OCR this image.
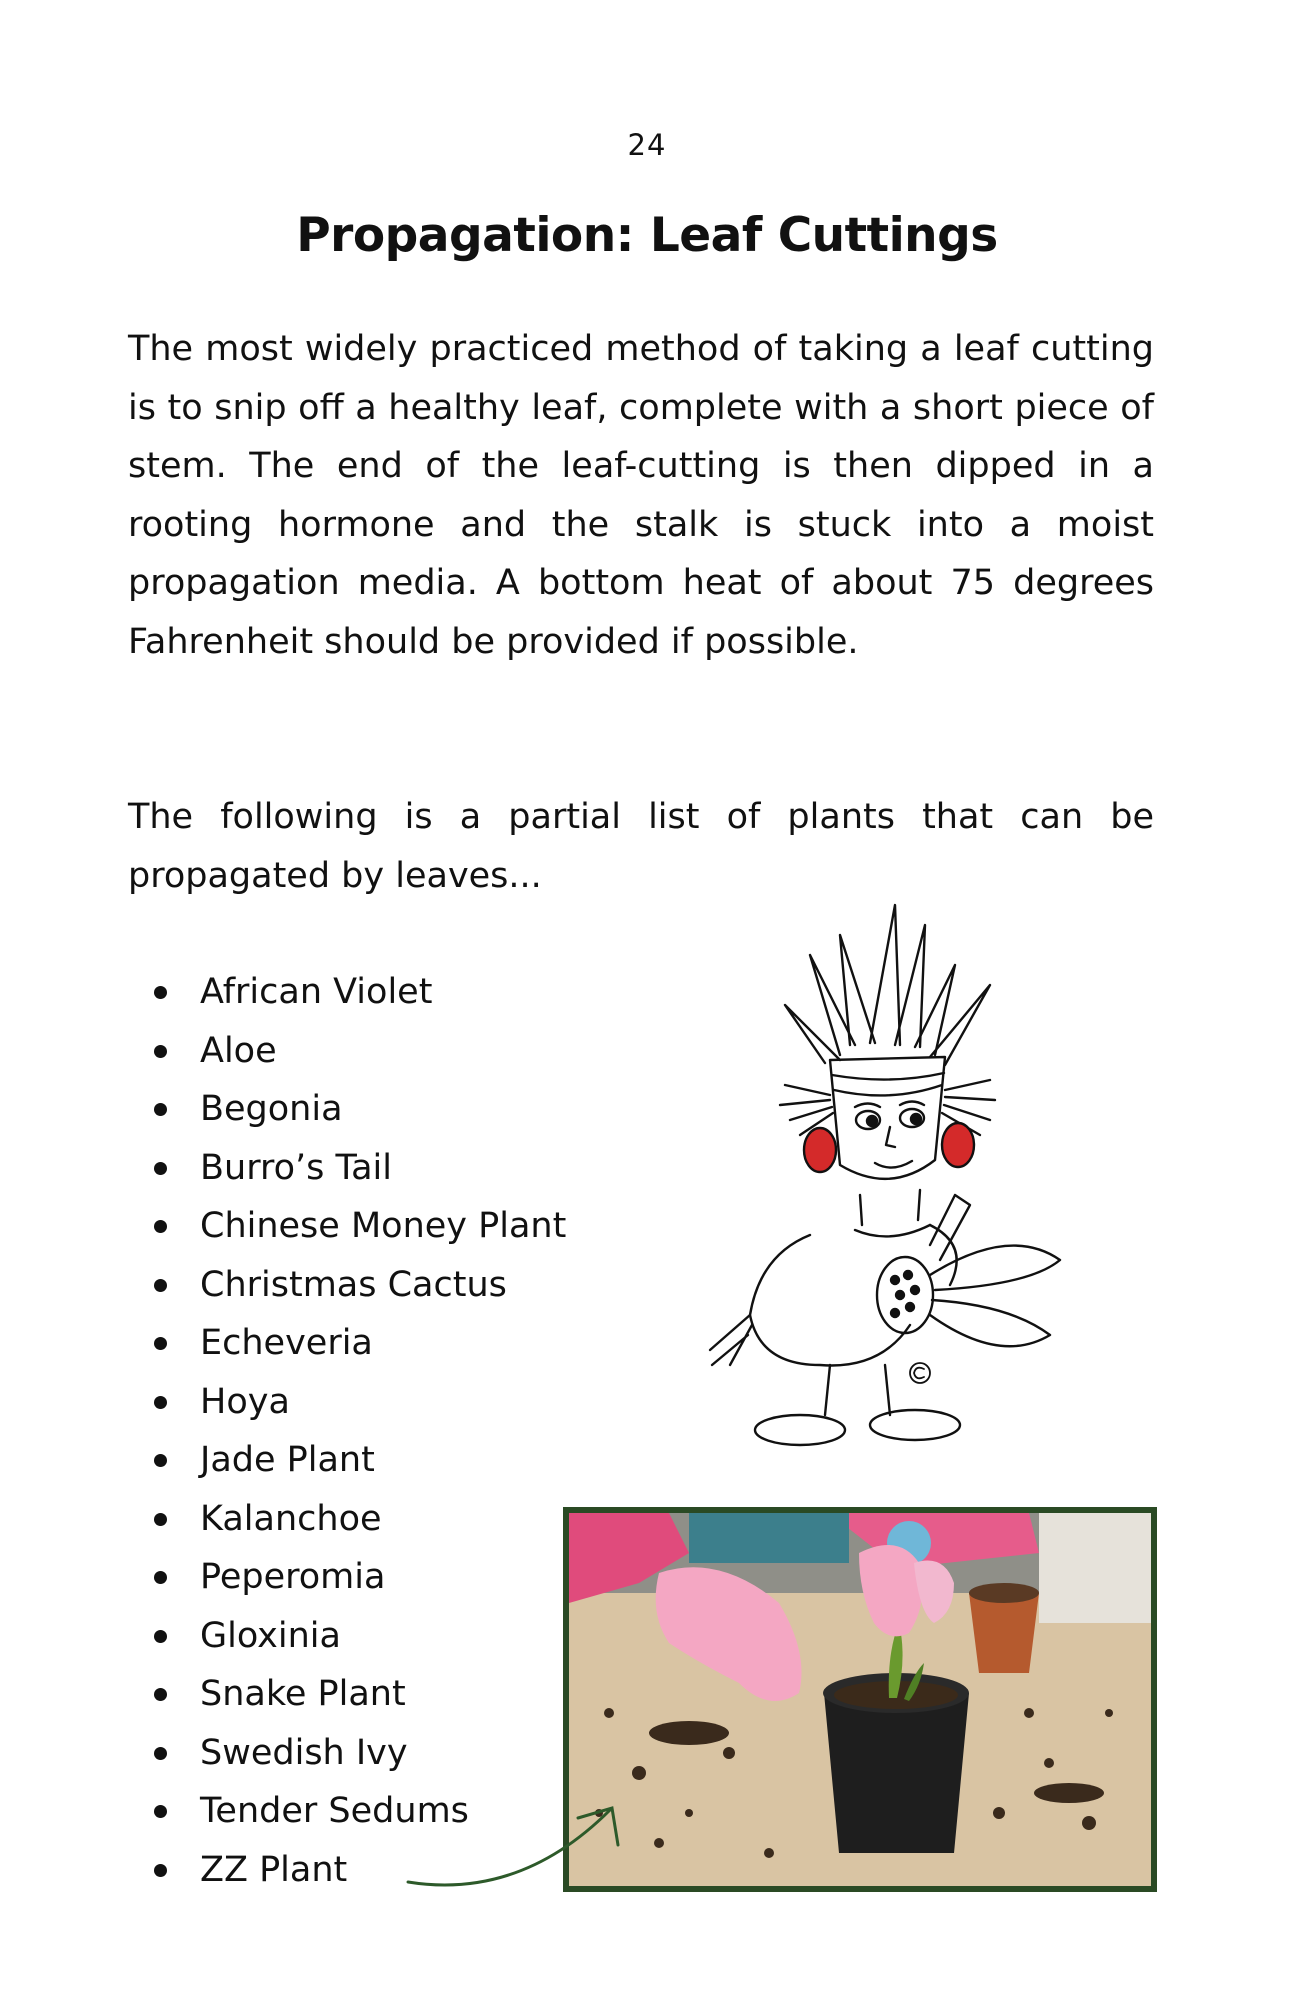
24
Propagation: Leaf Cuttings

The most widely practiced method of taking a leaf cutting is to snip off a healthy leaf, complete with a short piece of stem. The end of the leaf-cutting is then dipped in a rooting hormone and the stalk is stuck into a moist propagation media. A bottom heat of about 75 degrees Fahrenheit should be provided if possible.

The following is a partial list of plants that can be propagated by leaves...

African Violet
Aloe
Begonia
Burro’s Tail
Chinese Money Plant
Christmas Cactus
Echeveria
Hoya
Jade Plant
Kalanchoe
Peperomia
Gloxinia
Snake Plant
Swedish Ivy
Tender Sedums
ZZ Plant
